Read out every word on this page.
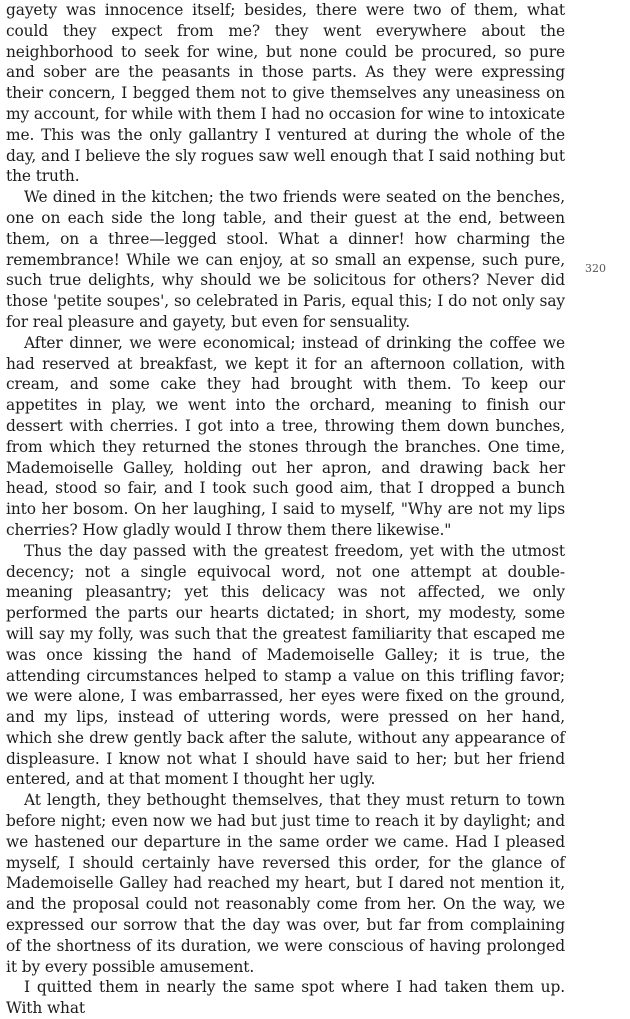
gayety was innocence itself; besides, there were two of them, what could they expect from me? they went everywhere about the neighborhood to seek for wine, but none could be procured, so pure and sober are the peasants in those parts. As they were expressing their concern, I begged them not to give themselves any uneasiness on my account, for while with them I had no occasion for wine to intoxicate me. This was the only gallantry I ventured at during the whole of the day, and I believe the sly rogues saw well enough that I said nothing but the truth.

We dined in the kitchen; the two friends were seated on the benches, one on each side the long table, and their guest at the end, between them, on a three—legged stool. What a dinner! how charming the remembrance! While we can enjoy, at so small an expense, such pure, such true delights, why should we be solicitous for others? Never did those 'petite soupes', so celebrated in Paris, equal this; I do not only say for real pleasure and gayety, but even for sensuality.

After dinner, we were economical; instead of drinking the coffee we had reserved at breakfast, we kept it for an afternoon collation, with cream, and some cake they had brought with them. To keep our appetites in play, we went into the orchard, meaning to finish our dessert with cherries. I got into a tree, throwing them down bunches, from which they returned the stones through the branches. One time, Mademoiselle Galley, holding out her apron, and drawing back her head, stood so fair, and I took such good aim, that I dropped a bunch into her bosom. On her laughing, I said to myself, "Why are not my lips cherries? How gladly would I throw them there likewise."

Thus the day passed with the greatest freedom, yet with the utmost decency; not a single equivocal word, not one attempt at double-meaning pleasantry; yet this delicacy was not affected, we only performed the parts our hearts dictated; in short, my modesty, some will say my folly, was such that the greatest familiarity that escaped me was once kissing the hand of Mademoiselle Galley; it is true, the attending circumstances helped to stamp a value on this trifling favor; we were alone, I was embarrassed, her eyes were fixed on the ground, and my lips, instead of uttering words, were pressed on her hand, which she drew gently back after the salute, without any appearance of displeasure. I know not what I should have said to her; but her friend entered, and at that moment I thought her ugly.

At length, they bethought themselves, that they must return to town before night; even now we had but just time to reach it by daylight; and we hastened our departure in the same order we came. Had I pleased myself, I should certainly have reversed this order, for the glance of Mademoiselle Galley had reached my heart, but I dared not mention it, and the proposal could not reasonably come from her. On the way, we expressed our sorrow that the day was over, but far from complaining of the shortness of its duration, we were conscious of having prolonged it by every possible amusement.

I quitted them in nearly the same spot where I had taken them up. With what

320
